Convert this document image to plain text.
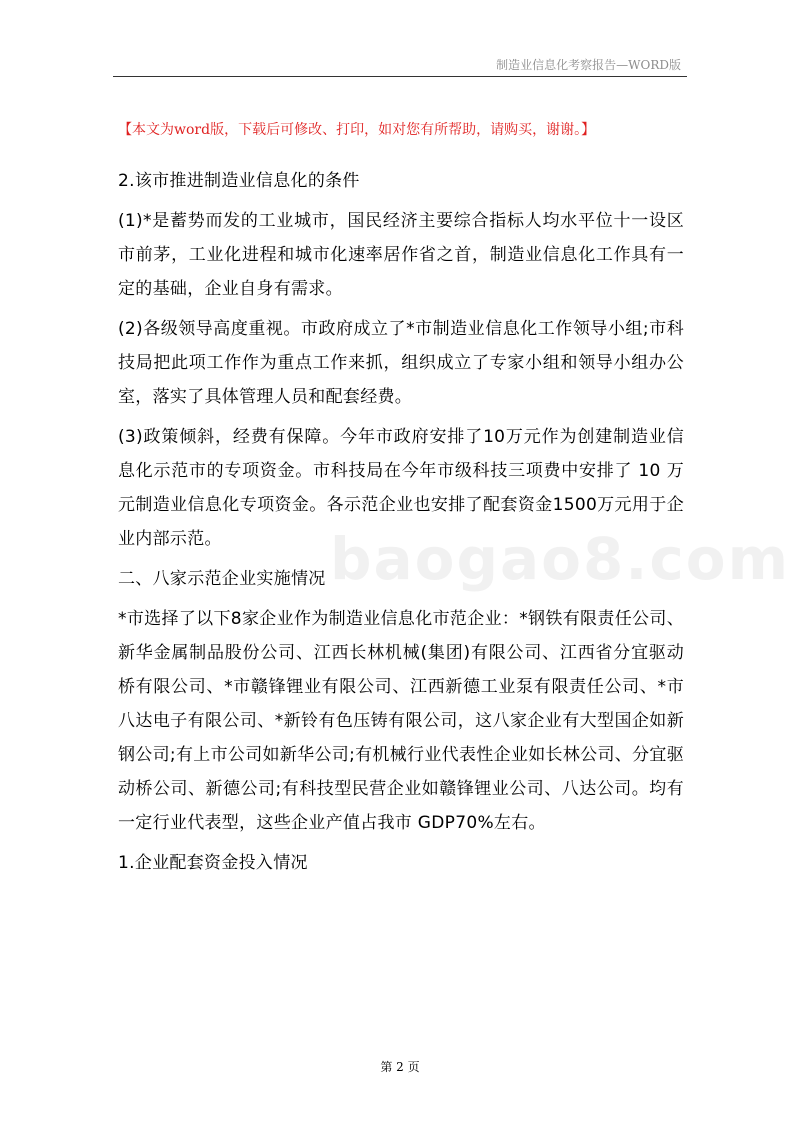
制造业信息化考察报告—WORD版
【本文为word版，下载后可修改、打印，如对您有所帮助，请购买，谢谢。】
baogao8.com

2.该市推进制造业信息化的条件

(1)*是蓄势而发的工业城市，国民经济主要综合指标人均水平位十一设区市前茅，工业化进程和城市化速率居作省之首，制造业信息化工作具有一定的基础，企业自身有需求。

(2)各级领导高度重视。市政府成立了*市制造业信息化工作领导小组;市科技局把此项工作作为重点工作来抓，组织成立了专家小组和领导小组办公室，落实了具体管理人员和配套经费。

(3)政策倾斜，经费有保障。今年市政府安排了10万元作为创建制造业信息化示范市的专项资金。市科技局在今年市级科技三项费中安排了 10 万元制造业信息化专项资金。各示范企业也安排了配套资金1500万元用于企业内部示范。

二、八家示范企业实施情况

*市选择了以下8家企业作为制造业信息化市范企业：*钢铁有限责任公司、新华金属制品股份公司、江西长林机械(集团)有限公司、江西省分宜驱动桥有限公司、*市赣锋锂业有限公司、江西新德工业泵有限责任公司、*市八达电子有限公司、*新铃有色压铸有限公司，这八家企业有大型国企如新钢公司;有上市公司如新华公司;有机械行业代表性企业如长林公司、分宜驱动桥公司、新德公司;有科技型民营企业如赣锋锂业公司、八达公司。均有一定行业代表型，这些企业产值占我市 GDP70%左右。

1.企业配套资金投入情况

第 2 页
